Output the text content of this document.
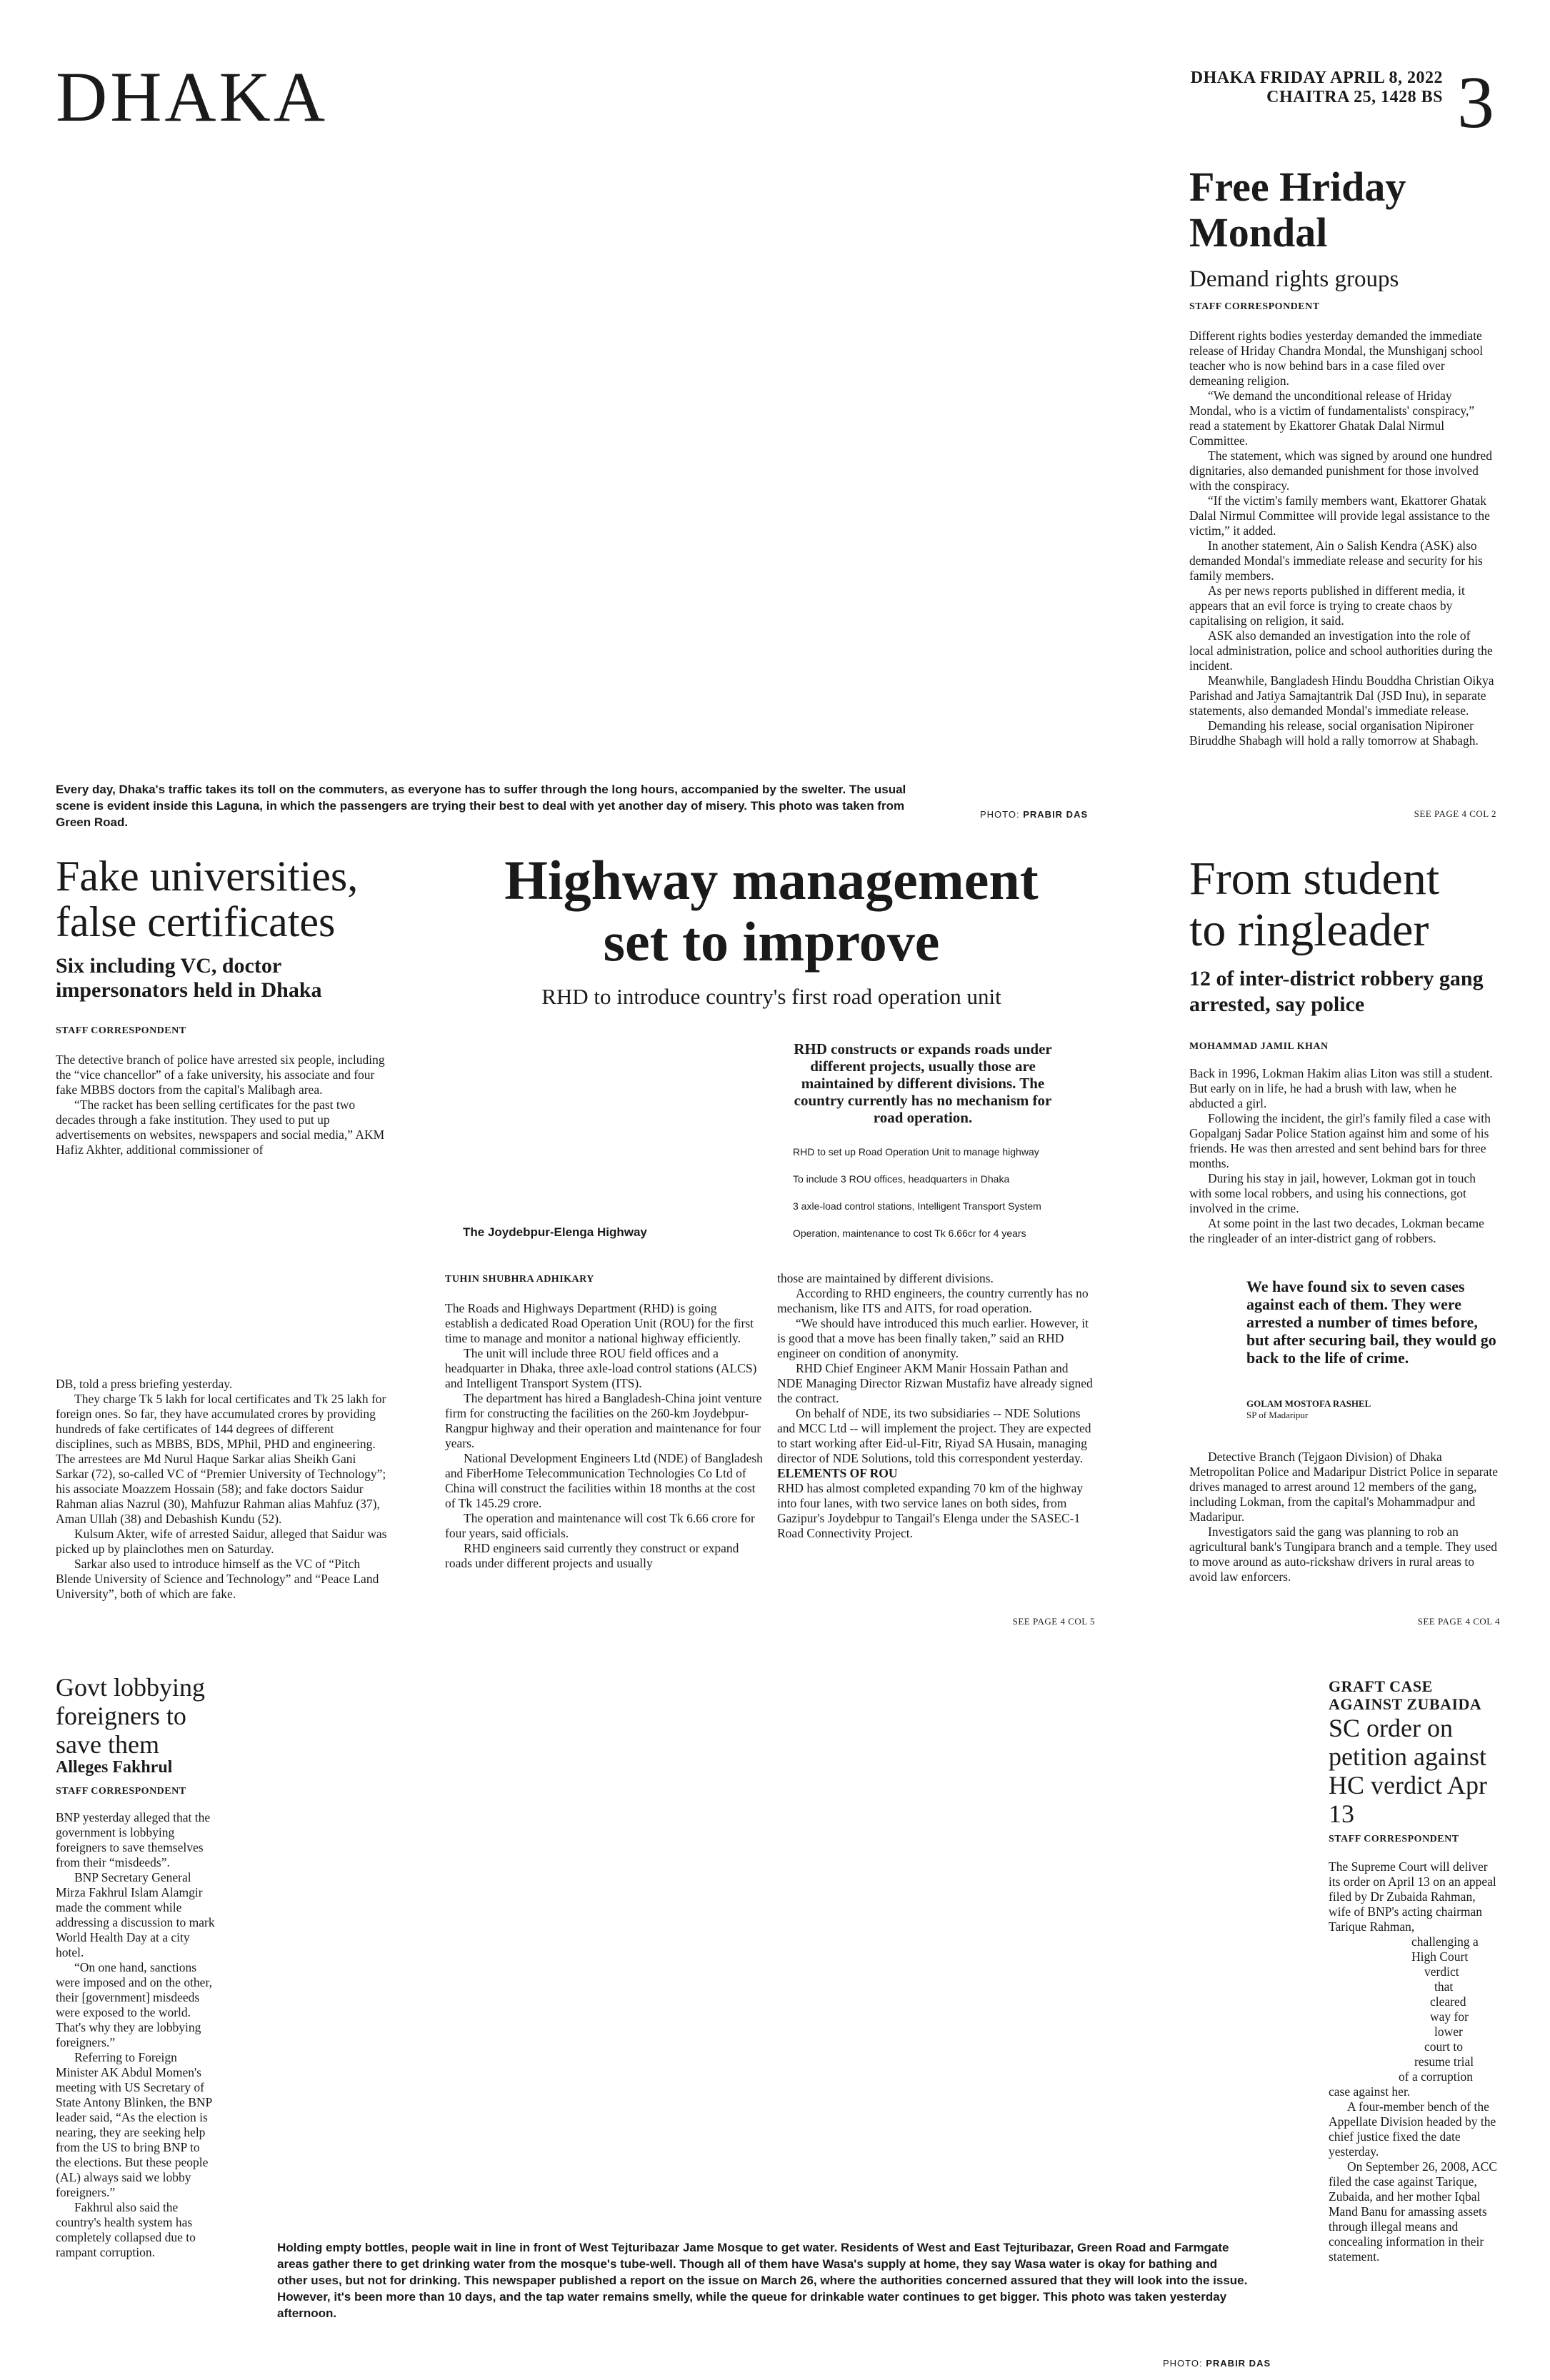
DHAKA	DHAKA FRIDAY APRIL 8, 2022
CHAITRA 25, 1428 BS 3
Every day, Dhaka's traffic takes its toll on the commuters, as everyone has to suffer through the long hours, accompanied by the swelter. The usual scene is evident inside this Laguna, in which the passengers are trying their best to deal with yet another day of misery. This photo was taken from Green Road.
PHOTO: PRABIR DAS
Free Hriday Mondal
Demand rights groups
STAFF CORRESPONDENT

Different rights bodies yesterday demanded the immediate release of Hriday Chandra Mondal, the Munshiganj school teacher who is now behind bars in a case filed over demeaning religion.

“We demand the unconditional release of Hriday Mondal, who is a victim of fundamentalists' conspiracy,” read a statement by Ekattorer Ghatak Dalal Nirmul Committee.

The statement, which was signed by around one hundred dignitaries, also demanded punishment for those involved with the conspiracy.

“If the victim's family members want, Ekattorer Ghatak Dalal Nirmul Committee will provide legal assistance to the victim,” it added.

In another statement, Ain o Salish Kendra (ASK) also demanded Mondal's immediate release and security for his family members.

As per news reports published in different media, it appears that an evil force is trying to create chaos by capitalising on religion, it said.

ASK also demanded an investigation into the role of local administration, police and school authorities during the incident.

Meanwhile, Bangladesh Hindu Bouddha Christian Oikya Parishad and Jatiya Samajtantrik Dal (JSD Inu), in separate statements, also demanded Mondal's immediate release.

Demanding his release, social organisation Nipironer Biruddhe Shabagh will hold a rally tomorrow at Shabagh.

SEE PAGE 4 COL 2
Fake universities,
false certificates
Six including VC, doctor impersonators held in Dhaka
STAFF CORRESPONDENT

The detective branch of police have arrested six people, including the “vice chancellor” of a fake university, his associate and four fake MBBS doctors from the capital's Malibagh area.

“The racket has been selling certificates for the past two decades through a fake institution. They used to put up advertisements on websites, newspapers and social media,” AKM Hafiz Akhter, additional commissioner of

DB, told a press briefing yesterday.

They charge Tk 5 lakh for local certificates and Tk 25 lakh for foreign ones. So far, they have accumulated crores by providing hundreds of fake certificates of 144 degrees of different disciplines, such as MBBS, BDS, MPhil, PHD and engineering. The arrestees are Md Nurul Haque Sarkar alias Sheikh Gani Sarkar (72), so-called VC of “Premier University of Technology”; his associate Moazzem Hossain (58); and fake doctors Saidur Rahman alias Nazrul (30), Mahfuzur Rahman alias Mahfuz (37), Aman Ullah (38) and Debashish Kundu (52).

Kulsum Akter, wife of arrested Saidur, alleged that Saidur was picked up by plainclothes men on Saturday.

Sarkar also used to introduce himself as the VC of “Pitch Blende University of Science and Technology” and “Peace Land University”, both of which are fake.

Highway management
set to improve
RHD to introduce country's first road operation unit
The Joydebpur-Elenga Highway
RHD constructs or expands roads under different projects, usually those are maintained by different divisions. The country currently has no mechanism for road operation.
RHD to set up Road Operation Unit to manage highway
To include 3 ROU offices, headquarters in Dhaka
3 axle-load control stations, Intelligent Transport System
Operation, maintenance to cost Tk 6.66cr for 4 years
TUHIN SHUBHRA ADHIKARY

The Roads and Highways Department (RHD) is going establish a dedicated Road Operation Unit (ROU) for the first time to manage and monitor a national highway efficiently.

The unit will include three ROU field offices and a headquarter in Dhaka, three axle-load control stations (ALCS) and Intelligent Transport System (ITS).

The department has hired a Bangladesh-China joint venture firm for constructing the facilities on the 260-km Joydebpur-Rangpur highway and their operation and maintenance for four years.

National Development Engineers Ltd (NDE) of Bangladesh and FiberHome Telecommunication Technologies Co Ltd of China will construct the facilities within 18 months at the cost of Tk 145.29 crore.

The operation and maintenance will cost Tk 6.66 crore for four years, said officials.

RHD engineers said currently they construct or expand roads under different projects and usually

those are maintained by different divisions.

According to RHD engineers, the country currently has no mechanism, like ITS and AITS, for road operation.

“We should have introduced this much earlier. However, it is good that a move has been finally taken,” said an RHD engineer on condition of anonymity.

RHD Chief Engineer AKM Manir Hossain Pathan and NDE Managing Director Rizwan Mustafiz have already signed the contract.

On behalf of NDE, its two subsidiaries -- NDE Solutions and MCC Ltd -- will implement the project. They are expected to start working after Eid-ul-Fitr, Riyad SA Husain, managing director of NDE Solutions, told this correspondent yesterday.

ELEMENTS OF ROU

RHD has almost completed expanding 70 km of the highway into four lanes, with two service lanes on both sides, from Gazipur's Joydebpur to Tangail's Elenga under the SASEC-1 Road Connectivity Project.

SEE PAGE 4 COL 5
From student
to ringleader
12 of inter-district robbery gang arrested, say police
MOHAMMAD JAMIL KHAN

Back in 1996, Lokman Hakim alias Liton was still a student. But early on in life, he had a brush with law, when he abducted a girl.

Following the incident, the girl's family filed a case with Gopalganj Sadar Police Station against him and some of his friends. He was then arrested and sent behind bars for three months.

During his stay in jail, however, Lokman got in touch with some local robbers, and using his connections, got involved in the crime.

At some point in the last two decades, Lokman became the ringleader of an inter-district gang of robbers.

We have found six to seven cases against each of them. They were arrested a number of times before, but after securing bail, they would go back to the life of crime.
GOLAM MOSTOFA RASHEL
SP of Madaripur

Detective Branch (Tejgaon Division) of Dhaka Metropolitan Police and Madaripur District Police in separate drives managed to arrest around 12 members of the gang, including Lokman, from the capital's Mohammadpur and Madaripur.

Investigators said the gang was planning to rob an agricultural bank's Tungipara branch and a temple. They used to move around as auto-rickshaw drivers in rural areas to avoid law enforcers.

SEE PAGE 4 COL 4
Govt lobbying foreigners to save them
Alleges Fakhrul
STAFF CORRESPONDENT

BNP yesterday alleged that the government is lobbying foreigners to save themselves from their “misdeeds”.

BNP Secretary General Mirza Fakhrul Islam Alamgir made the comment while addressing a discussion to mark World Health Day at a city hotel.

“On one hand, sanctions were imposed and on the other, their [government] misdeeds were exposed to the world. That's why they are lobbying foreigners.”

Referring to Foreign Minister AK Abdul Momen's meeting with US Secretary of State Antony Blinken, the BNP leader said, “As the election is nearing, they are seeking help from the US to bring BNP to the elections. But these people (AL) always said we lobby foreigners.”

Fakhrul also said the country's health system has completely collapsed due to rampant corruption.	Holding empty bottles, people wait in line in front of West Tejturibazar Jame Mosque to get water. Residents of West and East Tejturibazar, Green Road and Farmgate areas gather there to get drinking water from the mosque's tube-well. Though all of them have Wasa's supply at home, they say Wasa water is okay for bathing and other uses, but not for drinking. This newspaper published a report on the issue on March 26, where the authorities concerned assured that they will look into the issue. However, it's been more than 10 days, and the tap water remains smelly, while the queue for drinkable water continues to get bigger. This photo was taken yesterday afternoon.
PHOTO: PRABIR DAS
GRAFT CASE
AGAINST ZUBAIDA
SC order on petition against HC verdict Apr 13
STAFF CORRESPONDENT

The Supreme Court will deliver its order on April 13 on an appeal filed by Dr Zubaida Rahman, wife of BNP's acting chairman Tarique Rahman,

challenging a
High Court
verdict
that
cleared
way for
lower
court to
resume trial
of a corruption
case against her.

A four-member bench of the Appellate Division headed by the chief justice fixed the date yesterday.

On September 26, 2008, ACC filed the case against Tarique, Zubaida, and her mother Iqbal Mand Banu for amassing assets through illegal means and concealing information in their statement.
